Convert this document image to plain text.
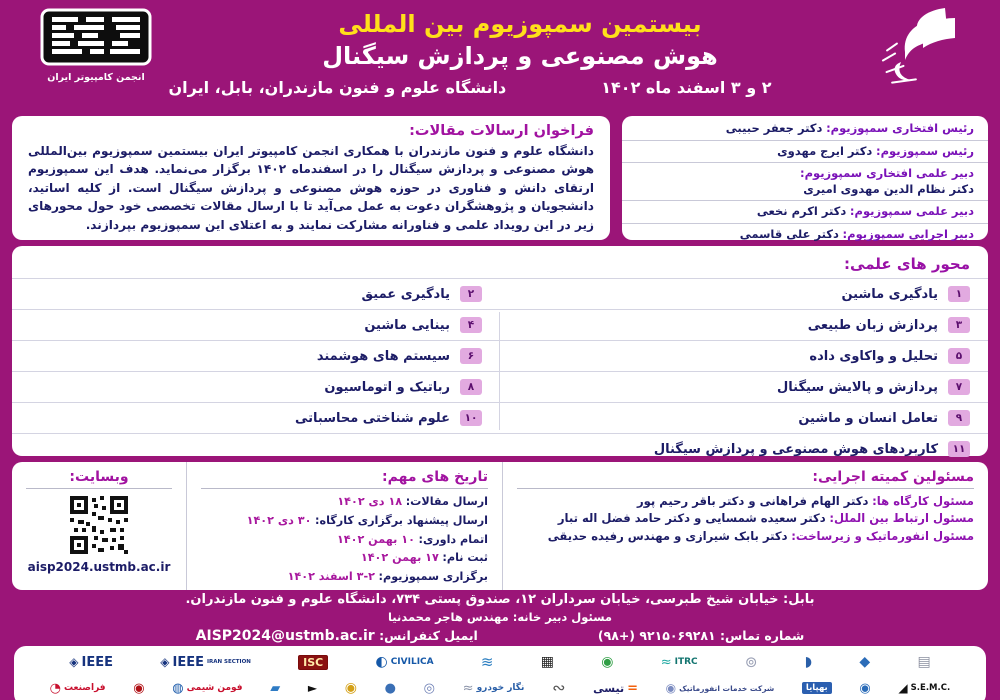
انجمن کامپیوتر ایران
بیستمین سمپوزیوم بین المللی
هوش مصنوعی و پردازش سیگنال
۲ و ۳ اسفند ماه ۱۴۰۲
دانشگاه علوم و فنون مازندران، بابل، ایران
فراخوان ارسالات مقالات:

دانشگاه علوم و فنون مازندران با همکاری انجمن کامپیوتر ایران بیستمین سمپوزیوم بین‌المللی هوش مصنوعی و پردازش سیگنال را در اسفندماه ۱۴۰۲ برگزار می‌نماید. هدف این سمپوزیوم ارتقای دانش و فناوری در حوزه هوش مصنوعی و پردازش سیگنال است. از کلیه اساتید، دانشجویان و پژوهشگران دعوت به عمل می‌آید تا با ارسال مقالات تخصصی خود حول محورهای زیر در این رویداد علمی و فناورانه مشارکت نمایند و به اعتلای این سمپوزیوم بپردازند.

رئیس افتخاری سمپوزیوم: دکتر جعفر حبیبی
رئیس سمپوزیوم: دکتر ایرج مهدوی
دبیر علمی افتخاری سمپوزیوم:
دکتر نظام الدین مهدوی امیری
دبیر علمی سمپوزیوم: دکتر اکرم نخعی
دبیر اجرایی سمپوزیوم: دکتر علی قاسمی
محور های علمی:
۱
یادگیری ماشین
۲
یادگیری عمیق

۳
پردازش زبان طبیعی
۴
بینایی ماشین

۵
تحلیل و واکاوی داده
۶
سیستم های هوشمند

۷
پردازش و پالایش سیگنال
۸
رباتیک و اتوماسیون

۹
تعامل انسان و ماشین
۱۰
علوم شناختی محاسباتی
۱۱
کاربردهای هوش مصنوعی و پردازش سیگنال
مسئولین کمیته اجرایی:
مسئول کارگاه ها: دکتر الهام فراهانی و دکتر باقر رحیم پور
مسئول ارتباط بین الملل: دکتر سعیده شمسایی و دکتر حامد فضل اله تبار
مسئول انفورماتیک و زیرساخت: دکتر بابک شیرازی و مهندس رفیده حدیقی
تاریخ های مهم:
ارسال مقالات: ۱۸ دی ۱۴۰۲
ارسال پیشنهاد برگزاری کارگاه: ۳۰ دی ۱۴۰۲
اتمام داوری: ۱۰ بهمن ۱۴۰۲
ثبت نام: ۱۷ بهمن ۱۴۰۲
برگزاری سمپوزیوم: ۲-۳ اسفند ۱۴۰۲
وبسایت:
aisp2024.ustmb.ac.ir
بابل: خیابان شیخ طبرسی، خیابان سرداران ۱۲، صندوق پستی ۷۳۴، دانشگاه علوم و فنون مازندران.
مسئول دبیر خانه: مهندس هاجر محمدنیا
شماره تماس: ۹۲۱۵۰۶۹۲۸۱ (+۹۸)
ایمیل کنفرانس: AISP2024@ustmb.ac.ir
◈ IEEE	◈ IEEE IRAN SECTION	ISC	◐ CIVILICA	≋	▦	◉	≈ ITRC	⊚	◗	◆	▤
◔ فراصنعت ◉ ◍ فومن شیمی ▰ ► ◉ ● ◎ ≈ نگار خودرو ∾	تیسی = ◉ شرکت خدمات انفورماتیک	بهپایا	◉ ◢ S.E.M.C.
